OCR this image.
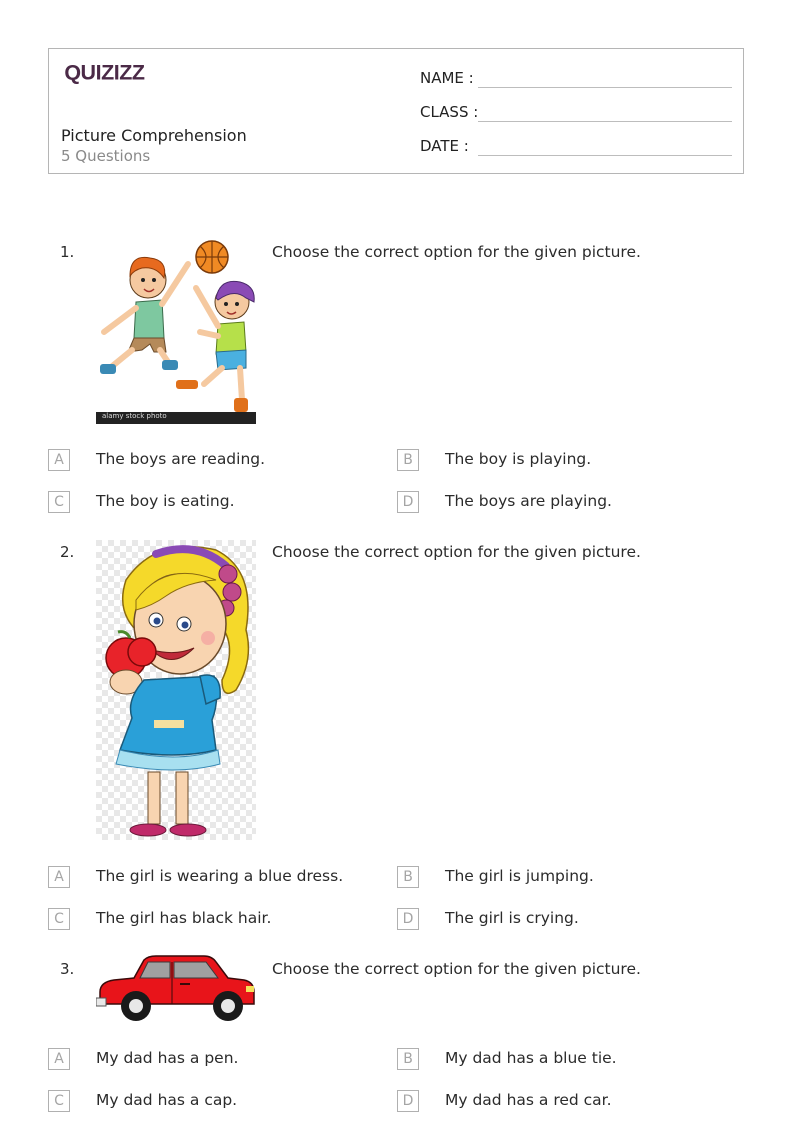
QUIZIZZ
Picture Comprehension
5 Questions
NAME :
CLASS :
DATE :
1.	Choose the correct option for the given picture.
alamy stock photo
A	The boys are reading.	B	The boy is playing.
C	The boy is eating.	D	The boys are playing.
2.	Choose the correct option for the given picture.
A	The girl is wearing a blue dress.	B	The girl is jumping.
C	The girl has black hair.	D	The girl is crying.
3.	Choose the correct option for the given picture.
A	My dad has a pen.	B	My dad has a blue tie.
C	My dad has a cap.	D	My dad has a red car.
